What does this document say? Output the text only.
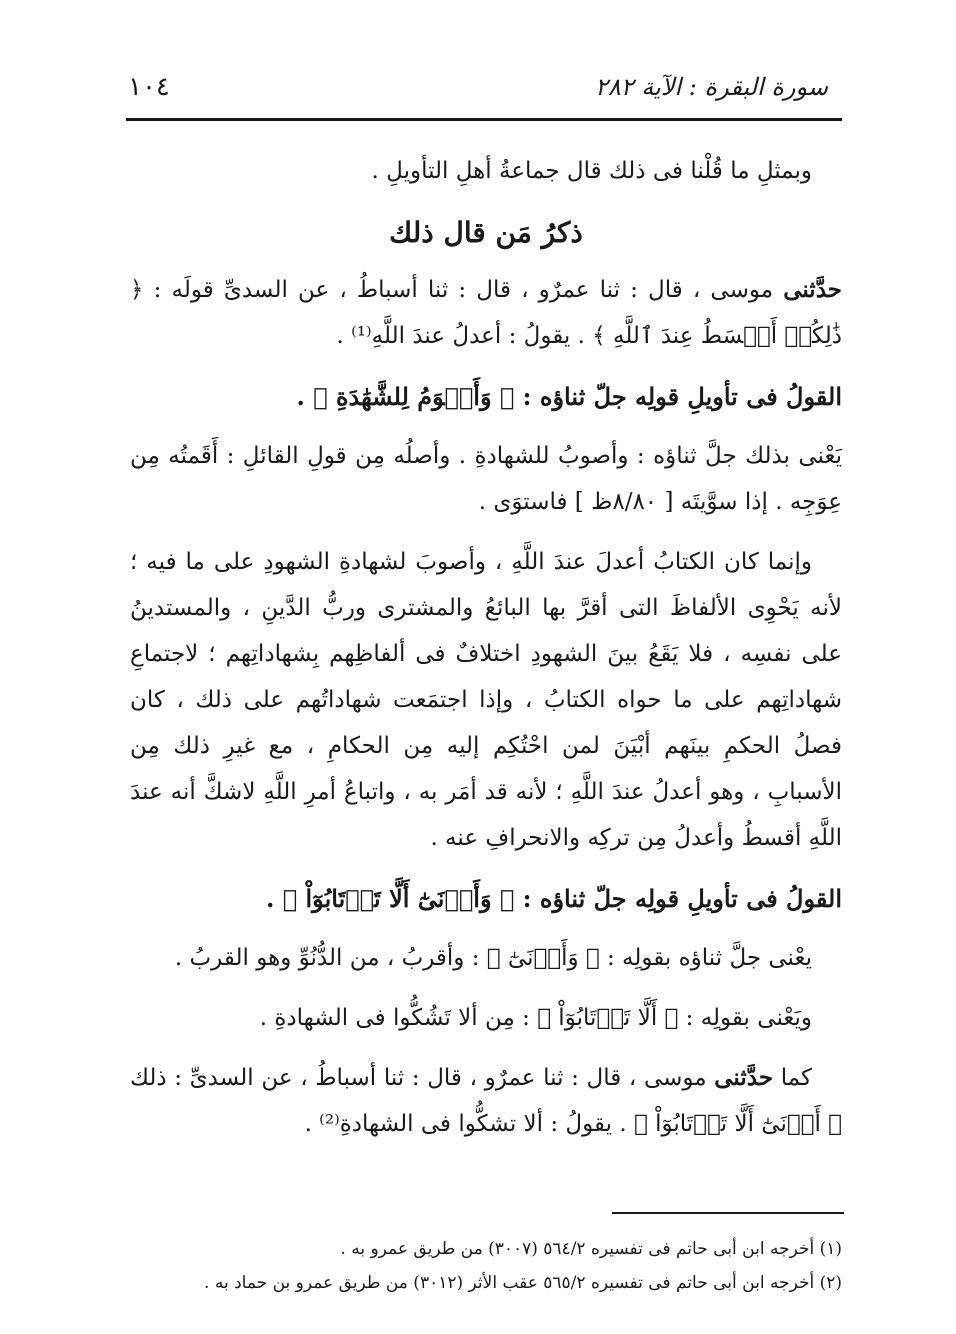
١٠٤	سورة البقرة : الآية ٢٨٢

وبمثلِ ما قُلْنا فى ذلك قال جماعةُ أهلِ التأويلِ .

ذكرُ مَن قال ذلك

حدَّثنى موسى ، قال : ثنا عمرٌو ، قال : ثنا أسباطُ ، عن السدىِّ قولَه : ﴿ ذَٰلِكُمۡ أَقۡسَطُ عِندَ ٱللَّهِ ﴾ . يقولُ : أعدلُ عندَ اللَّهِ⁽¹⁾ .

القولُ فى تأويلِ قولِه جلّ ثناؤه : ﴿ وَأَقۡوَمُ لِلشَّهَٰدَةِ ﴾ .

يَعْنى بذلك جلَّ ثناؤه : وأصوبُ للشهادةِ . وأصلُه مِن قولِ القائلِ : أَقَمتُه مِن عِوَجِه . إذا سوَّيتَه [ ٨/٨٠ظ ] فاستوَى .

وإنما كان الكتابُ أعدلَ عندَ اللَّهِ ، وأصوبَ لشهادةِ الشهودِ على ما فيه ؛ لأنه يَحْوِى الألفاظَ التى أقرَّ بها البائعُ والمشترى وربُّ الدَّينِ ، والمستدينُ على نفسِه ، فلا يَقَعُ بينَ الشهودِ اختلافٌ فى ألفاظِهم بِشهاداتِهم ؛ لاجتماعِ شهاداتِهم على ما حواه الكتابُ ، وإذا اجتمَعت شهاداتُهم على ذلك ، كان فصلُ الحكمِ بينَهم أبْيَنَ لمن احْتُكِم إليه مِن الحكامِ ، مع غيرِ ذلك مِن الأسبابِ ، وهو أعدلُ عندَ اللَّهِ ؛ لأنه قد أمَر به ، واتباعُ أمرِ اللَّهِ لاشكَّ أنه عندَ اللَّهِ أقسطُ وأعدلُ مِن تركِه والانحرافِ عنه .

القولُ فى تأويلِ قولِه جلّ ثناؤه : ﴿ وَأَدۡنَىٰٓ أَلَّا تَرۡتَابُوٓاْ ﴾ .

يعْنى جلَّ ثناؤه بقولِه : ﴿ وَأَدۡنَىٰٓ ﴾ : وأقربُ ، من الدُّنُوِّ وهو القربُ .

ويَعْنى بقولِه : ﴿ أَلَّا تَرۡتَابُوٓاْ ﴾ : مِن ألا تَشُكُّوا فى الشهادةِ .

كما حدَّثنى موسى ، قال : ثنا عمرٌو ، قال : ثنا أسباطُ ، عن السدىِّ : ذلك ﴿ أَدۡنَىٰٓ أَلَّا تَرۡتَابُوٓاْ ﴾ . يقولُ : ألا تشكُّوا فى الشهادةِ⁽²⁾ .

(١) أخرجه ابن أبى حاتم فى تفسيره ٥٦٤/٢ (٣٠٠٧) من طريق عمرو به .
(٢) أخرجه ابن أبى حاتم فى تفسيره ٥٦٥/٢ عقب الأثر (٣٠١٢) من طريق عمرو بن حماد به .
